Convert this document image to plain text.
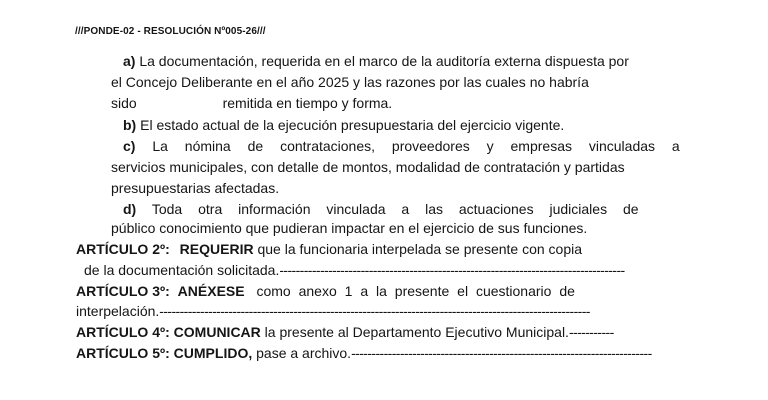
///PONDE-02 - RESOLUCIÓN Nº005-26///
a) La documentación, requerida en el marco de la auditoría externa dispuesta por
el Concejo Deliberante en el año 2025 y las razones por las cuales no habría
sido	remitida en tiempo y forma.
b) El estado actual de la ejecución presupuestaria del ejercicio vigente.
c) La nómina de contrataciones, proveedores y empresas vinculadas a
servicios municipales, con detalle de montos, modalidad de contratación y partidas
presupuestarias afectadas.
d) Toda otra información vinculada a las actuaciones judiciales de
público conocimiento que pudieran impactar en el ejercicio de sus funciones.
ARTÍCULO 2º: REQUERIR que la funcionaria interpelada se presente con copia
de la documentación solicitada.-------------------------------------------------------------------------------------
ARTÍCULO 3º: ANÉXESE como anexo 1 a la presente el cuestionario de
interpelación.----------------------------------------------------------------------------------------------------------
ARTÍCULO 4º: COMUNICAR la presente al Departamento Ejecutivo Municipal.-----------
ARTÍCULO 5º: CUMPLIDO, pase a archivo.--------------------------------------------------------------------------
